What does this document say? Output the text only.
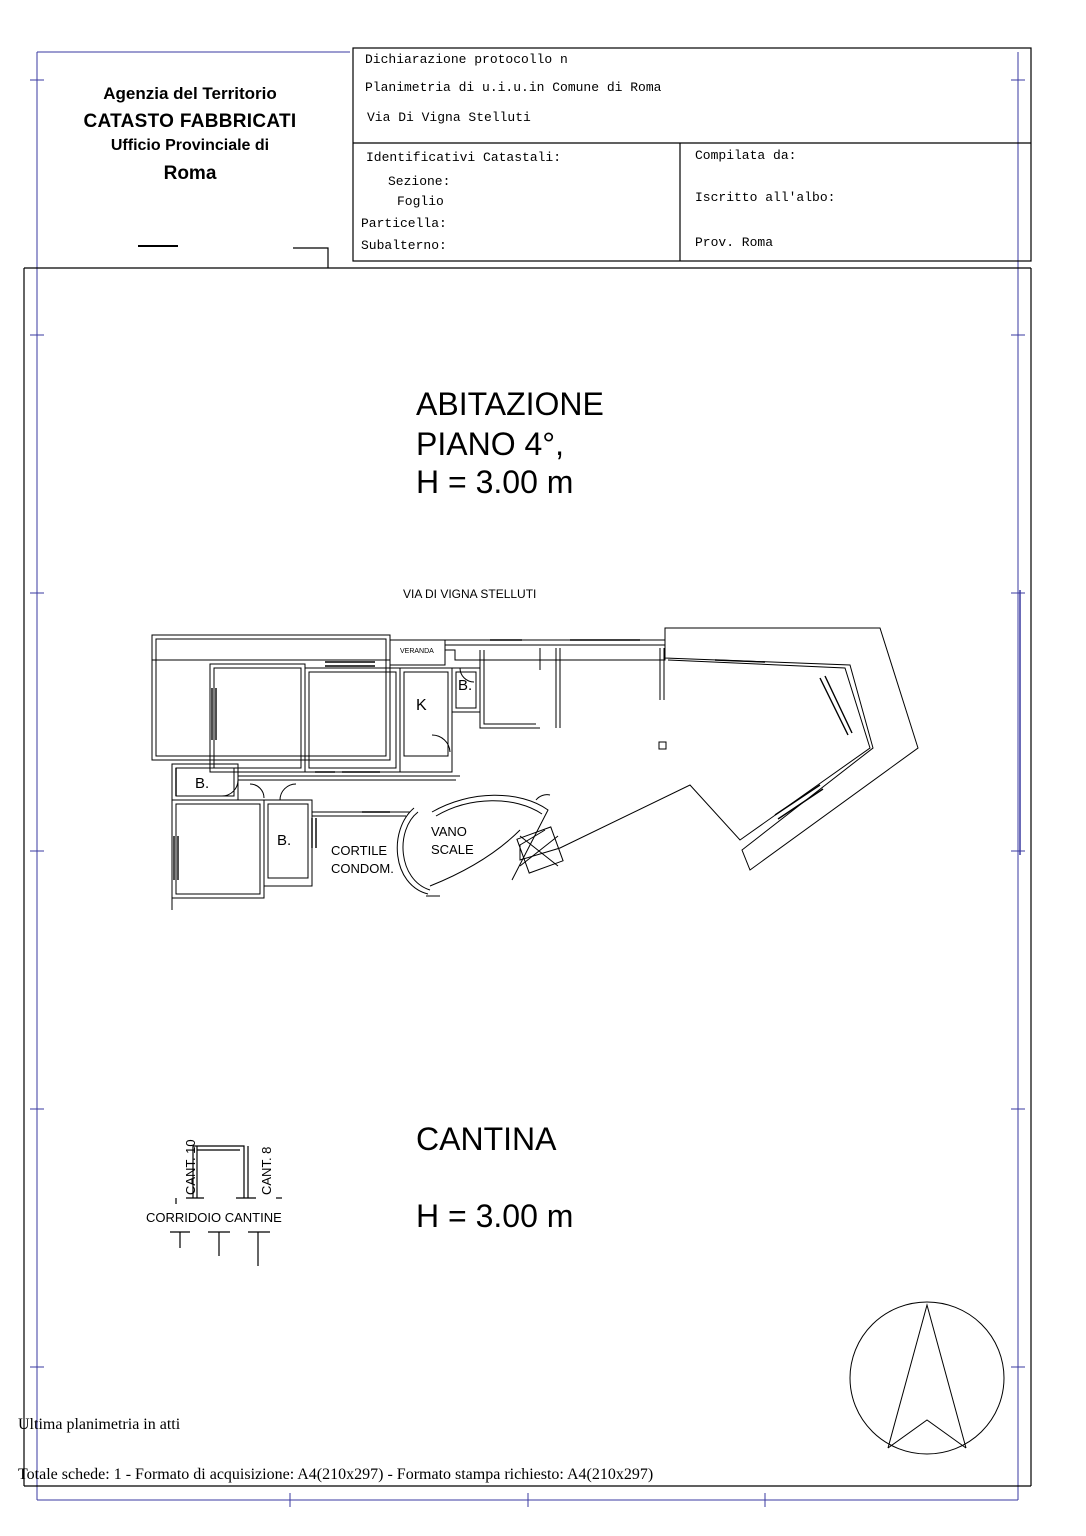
Agenzia del Territorio
CATASTO FABBRICATI
Ufficio Provinciale di
Roma
Dichiarazione protocollo n
Planimetria di u.i.u.in Comune di Roma
Via Di Vigna Stelluti
Identificativi Catastali:
Sezione:
Foglio
Particella:
Subalterno:
Compilata da:
Iscritto all'albo:
Prov. Roma
ABITAZIONE
PIANO 4°,
H = 3.00 m
VIA DI VIGNA STELLUTI
VERANDA
K
B.
B.
B.
CORTILE
CONDOM.
VANO
SCALE
CANTINA
H = 3.00 m
CORRIDOIO CANTINE
CANT. 10	CANT. 8
Ultima planimetria in atti
Totale schede: 1 - Formato di acquisizione: A4(210x297) - Formato stampa richiesto: A4(210x297)
